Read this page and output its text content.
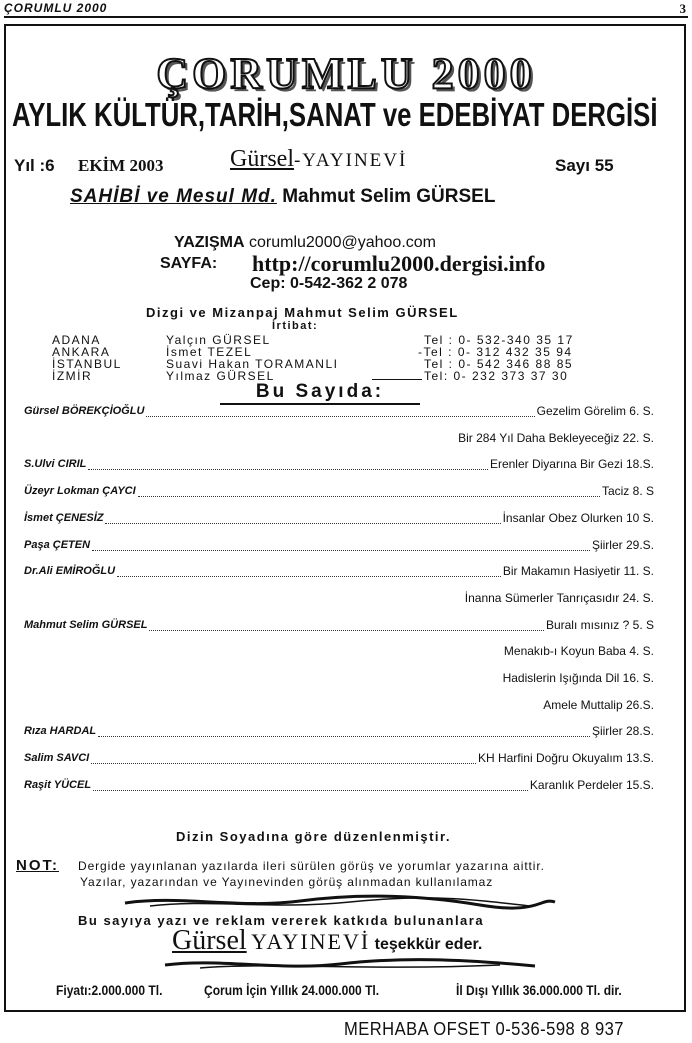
ÇORUMLU 2000	3
ÇORUMLU 2000
AYLIK KÜLTÜR,TARİH,SANAT ve EDEBİYAT DERGİSİ
Yıl :6 EKİM 2003	Gürsel-YAYINEVİ	Sayı 55
SAHİBİ ve Mesul Md. Mahmut Selim GÜRSEL
YAZIŞMA corumlu2000@yahoo.com
SAYFA: http://corumlu2000.dergisi.info
Cep: 0-542-362 2 078
Dizgi ve Mizanpaj Mahmut Selim GÜRSEL
İrtibat:
ADANA	Yalçın GÜRSEL	Tel : 0- 532-340 35 17
ANKARA	İsmet TEZEL	-Tel : 0- 312 432 35 94
İSTANBUL	Suavi Hakan TORAMANLI	Tel : 0- 542 346 88 85
İZMİR	Yılmaz GÜRSEL	Tel: 0- 232 373 37 30
Bu Sayıda:
Gürsel BÖREKÇİOĞLU	Gezelim Görelim 6. S.
Bir 284 Yıl Daha Bekleyeceğiz 22. S.
S.Ulvi CIRIL	Erenler Diyarına Bir Gezi 18.S.
Üzeyr Lokman ÇAYCI	Taciz 8. S
İsmet ÇENESİZ	İnsanlar Obez Olurken 10 S.
Paşa ÇETEN	Şiirler 29.S.
Dr.Ali EMİROĞLU	Bir Makamın Hasiyetir 11. S.
İnanna Sümerler Tanrıçasıdır 24. S.
Mahmut Selim GÜRSEL	Buralı mısınız ? 5. S
Menakıb-ı Koyun Baba 4. S.
Hadislerin Işığında Dil 16. S.
Amele Muttalip 26.S.
Rıza HARDAL	Şiirler 28.S.
Salim SAVCI	KH Harfini Doğru Okuyalım 13.S.
Raşit YÜCEL	Karanlık Perdeler 15.S.
Dizin Soyadına göre düzenlenmiştir.
NOT: Dergide yayınlanan yazılarda ileri sürülen görüş ve yorumlar yazarına aittir.
Yazılar, yazarından ve Yayınevinden görüş alınmadan kullanılamaz
Bu sayıya yazı ve reklam vererek katkıda bulunanlara
Gürsel YAYINEVİ teşekkür eder.
Fiyatı:2.000.000 Tl.	Çorum İçin Yıllık 24.000.000 Tl.	İl Dışı Yıllık 36.000.000 Tl. dir.
MERHABA OFSET 0-536-598 8 937
